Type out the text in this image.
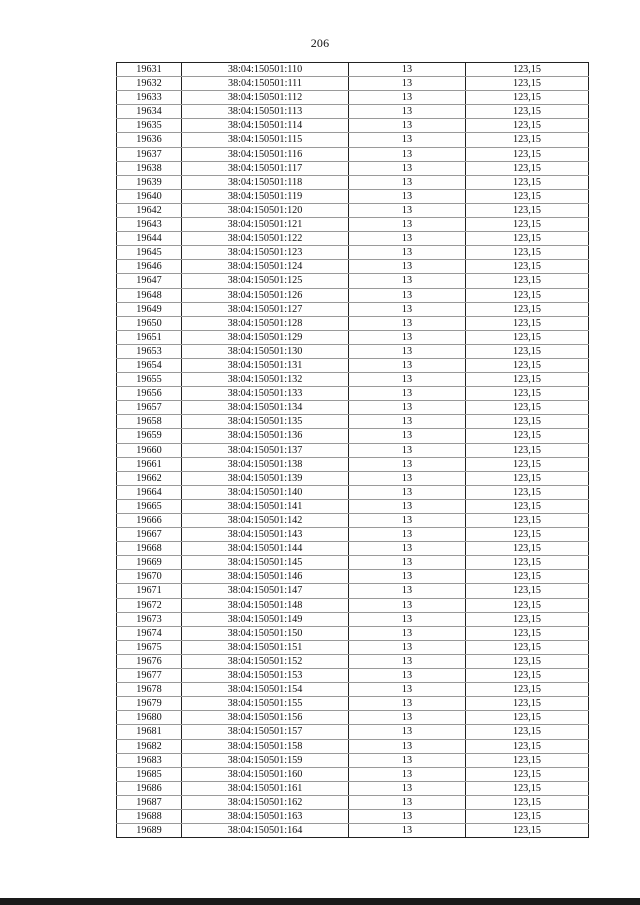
206
19631	38:04:150501:110	13	123,15
19632	38:04:150501:111	13	123,15
19633	38:04:150501:112	13	123,15
19634	38:04:150501:113	13	123,15
19635	38:04:150501:114	13	123,15
19636	38:04:150501:115	13	123,15
19637	38:04:150501:116	13	123,15
19638	38:04:150501:117	13	123,15
19639	38:04:150501:118	13	123,15
19640	38:04:150501:119	13	123,15
19642	38:04:150501:120	13	123,15
19643	38:04:150501:121	13	123,15
19644	38:04:150501:122	13	123,15
19645	38:04:150501:123	13	123,15
19646	38:04:150501:124	13	123,15
19647	38:04:150501:125	13	123,15
19648	38:04:150501:126	13	123,15
19649	38:04:150501:127	13	123,15
19650	38:04:150501:128	13	123,15
19651	38:04:150501:129	13	123,15
19653	38:04:150501:130	13	123,15
19654	38:04:150501:131	13	123,15
19655	38:04:150501:132	13	123,15
19656	38:04:150501:133	13	123,15
19657	38:04:150501:134	13	123,15
19658	38:04:150501:135	13	123,15
19659	38:04:150501:136	13	123,15
19660	38:04:150501:137	13	123,15
19661	38:04:150501:138	13	123,15
19662	38:04:150501:139	13	123,15
19664	38:04:150501:140	13	123,15
19665	38:04:150501:141	13	123,15
19666	38:04:150501:142	13	123,15
19667	38:04:150501:143	13	123,15
19668	38:04:150501:144	13	123,15
19669	38:04:150501:145	13	123,15
19670	38:04:150501:146	13	123,15
19671	38:04:150501:147	13	123,15
19672	38:04:150501:148	13	123,15
19673	38:04:150501:149	13	123,15
19674	38:04:150501:150	13	123,15
19675	38:04:150501:151	13	123,15
19676	38:04:150501:152	13	123,15
19677	38:04:150501:153	13	123,15
19678	38:04:150501:154	13	123,15
19679	38:04:150501:155	13	123,15
19680	38:04:150501:156	13	123,15
19681	38:04:150501:157	13	123,15
19682	38:04:150501:158	13	123,15
19683	38:04:150501:159	13	123,15
19685	38:04:150501:160	13	123,15
19686	38:04:150501:161	13	123,15
19687	38:04:150501:162	13	123,15
19688	38:04:150501:163	13	123,15
19689	38:04:150501:164	13	123,15
